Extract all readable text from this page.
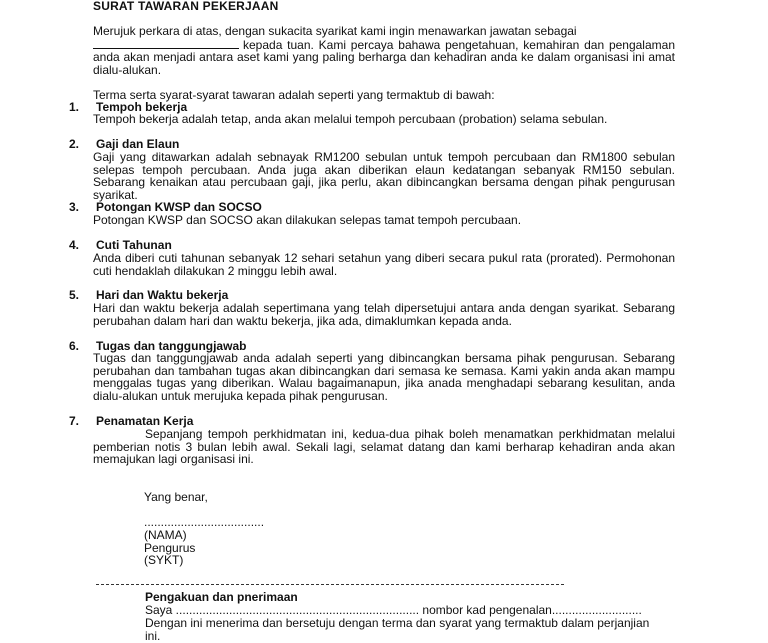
SURAT TAWARAN PEKERJAAN
Merujuk perkara di atas, dengan sukacita syarikat kami ingin menawarkan jawatan sebagai
kepada tuan. Kami percaya bahawa pengetahuan, kemahiran dan pengalaman anda akan menjadi antara aset kami yang paling berharga dan kehadiran anda ke dalam organisasi ini amat dialu-alukan.
Terma serta syarat-syarat tawaran adalah seperti yang termaktub di bawah:
1. Tempoh bekerja
Tempoh bekerja adalah tetap, anda akan melalui tempoh percubaan (probation) selama sebulan.
2. Gaji dan Elaun
Gaji yang ditawarkan adalah sebnayak RM1200 sebulan untuk tempoh percubaan dan RM1800 sebulan selepas tempoh percubaan. Anda juga akan diberikan elaun kedatangan sebanyak RM150 sebulan. Sebarang kenaikan atau percubaan gaji, jika perlu, akan dibincangkan bersama dengan pihak pengurusan syarikat.
3. Potongan KWSP dan SOCSO
Potongan KWSP dan SOCSO akan dilakukan selepas tamat tempoh percubaan.
4. Cuti Tahunan
Anda diberi cuti tahunan sebanyak 12 sehari setahun yang diberi secara pukul rata (prorated). Permohonan cuti hendaklah dilakukan 2 minggu lebih awal.
5. Hari dan Waktu bekerja
Hari dan waktu bekerja adalah sepertimana yang telah dipersetujui antara anda dengan syarikat. Sebarang perubahan dalam hari dan waktu bekerja, jika ada, dimaklumkan kepada anda.
6. Tugas dan tanggungjawab
Tugas dan tanggungjawab anda adalah seperti yang dibincangkan bersama pihak pengurusan. Sebarang perubahan dan tambahan tugas akan dibincangkan dari semasa ke semasa. Kami yakin anda akan mampu menggalas tugas yang diberikan. Walau bagaimanapun, jika anada menghadapi sebarang kesulitan, anda dialu-alukan untuk merujuka kepada pihak pengurusan.
7. Penamatan Kerja
Sepanjang tempoh perkhidmatan ini, kedua-dua pihak boleh menamatkan perkhidmatan melalui pemberian notis 3 bulan lebih awal. Sekali lagi, selamat datang dan kami berharap kehadiran anda akan memajukan lagi organisasi ini.
Yang benar,
....................................
(NAMA)
Pengurus
(SYKT)
Pengakuan dan pnerimaan
Saya ......................................................................... nombor kad pengenalan...........................
Dengan ini menerima dan bersetuju dengan terma dan syarat yang termaktub dalam perjanjian ini.
